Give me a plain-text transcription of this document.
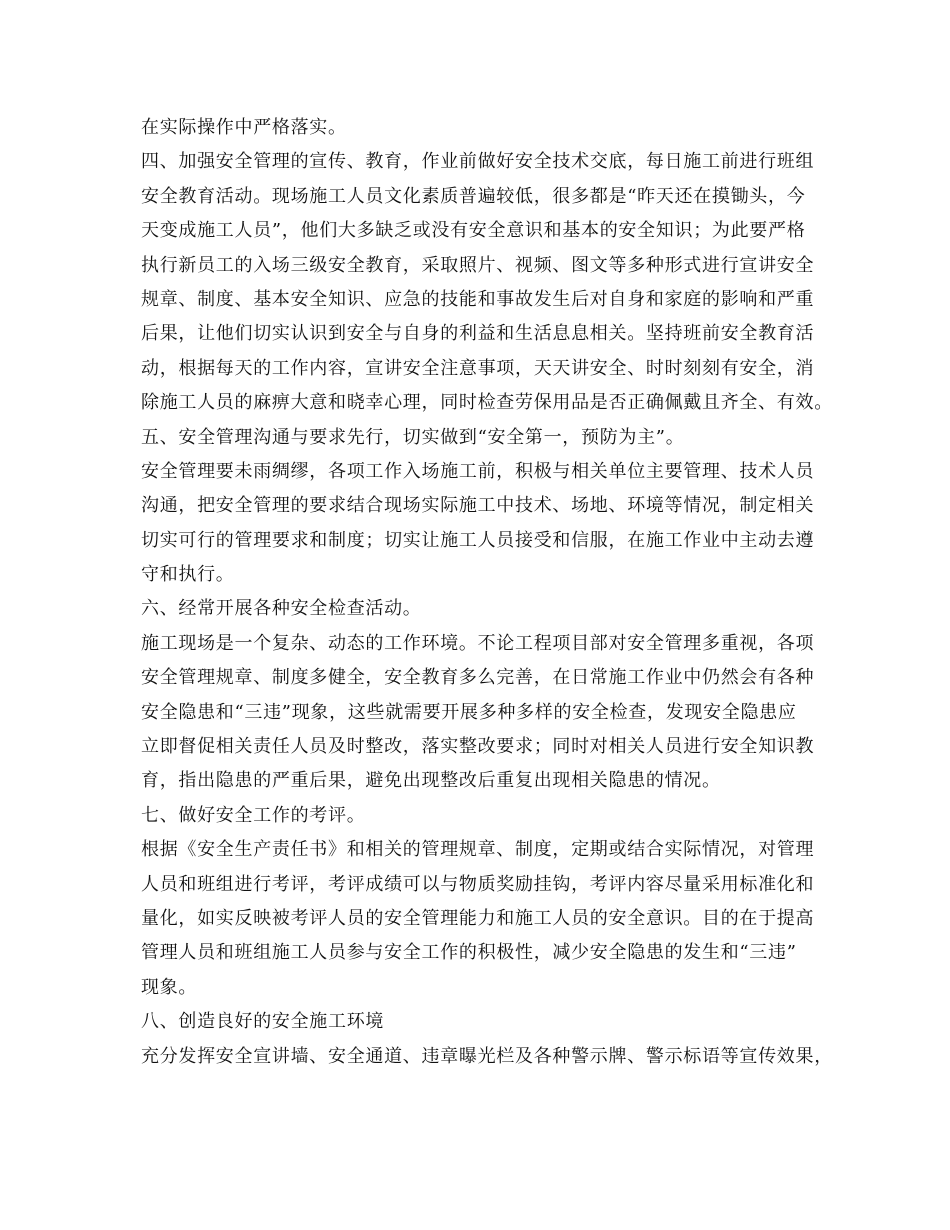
在实际操作中严格落实。
四、加强安全管理的宣传、教育，作业前做好安全技术交底，每日施工前进行班组
安全教育活动。现场施工人员文化素质普遍较低，很多都是“昨天还在摸锄头，今
天变成施工人员”，他们大多缺乏或没有安全意识和基本的安全知识；为此要严格
执行新员工的入场三级安全教育，采取照片、视频、图文等多种形式进行宣讲安全
规章、制度、基本安全知识、应急的技能和事故发生后对自身和家庭的影响和严重
后果，让他们切实认识到安全与自身的利益和生活息息相关。坚持班前安全教育活
动，根据每天的工作内容，宣讲安全注意事项，天天讲安全、时时刻刻有安全，消
除施工人员的麻痹大意和晓幸心理，同时检查劳保用品是否正确佩戴且齐全、有效。
五、安全管理沟通与要求先行，切实做到“安全第一，预防为主”。
安全管理要未雨绸缪，各项工作入场施工前，积极与相关单位主要管理、技术人员
沟通，把安全管理的要求结合现场实际施工中技术、场地、环境等情况，制定相关
切实可行的管理要求和制度；切实让施工人员接受和信服，在施工作业中主动去遵
守和执行。
六、经常开展各种安全检查活动。
施工现场是一个复杂、动态的工作环境。不论工程项目部对安全管理多重视，各项
安全管理规章、制度多健全，安全教育多么完善，在日常施工作业中仍然会有各种
安全隐患和“三违”现象，这些就需要开展多种多样的安全检查，发现安全隐患应
立即督促相关责任人员及时整改，落实整改要求；同时对相关人员进行安全知识教
育，指出隐患的严重后果，避免出现整改后重复出现相关隐患的情况。
七、做好安全工作的考评。
根据《安全生产责任书》和相关的管理规章、制度，定期或结合实际情况，对管理
人员和班组进行考评，考评成绩可以与物质奖励挂钩，考评内容尽量采用标准化和
量化，如实反映被考评人员的安全管理能力和施工人员的安全意识。目的在于提高
管理人员和班组施工人员参与安全工作的积极性，减少安全隐患的发生和“三违”
现象。
八、创造良好的安全施工环境
充分发挥安全宣讲墙、安全通道、违章曝光栏及各种警示牌、警示标语等宣传效果，
